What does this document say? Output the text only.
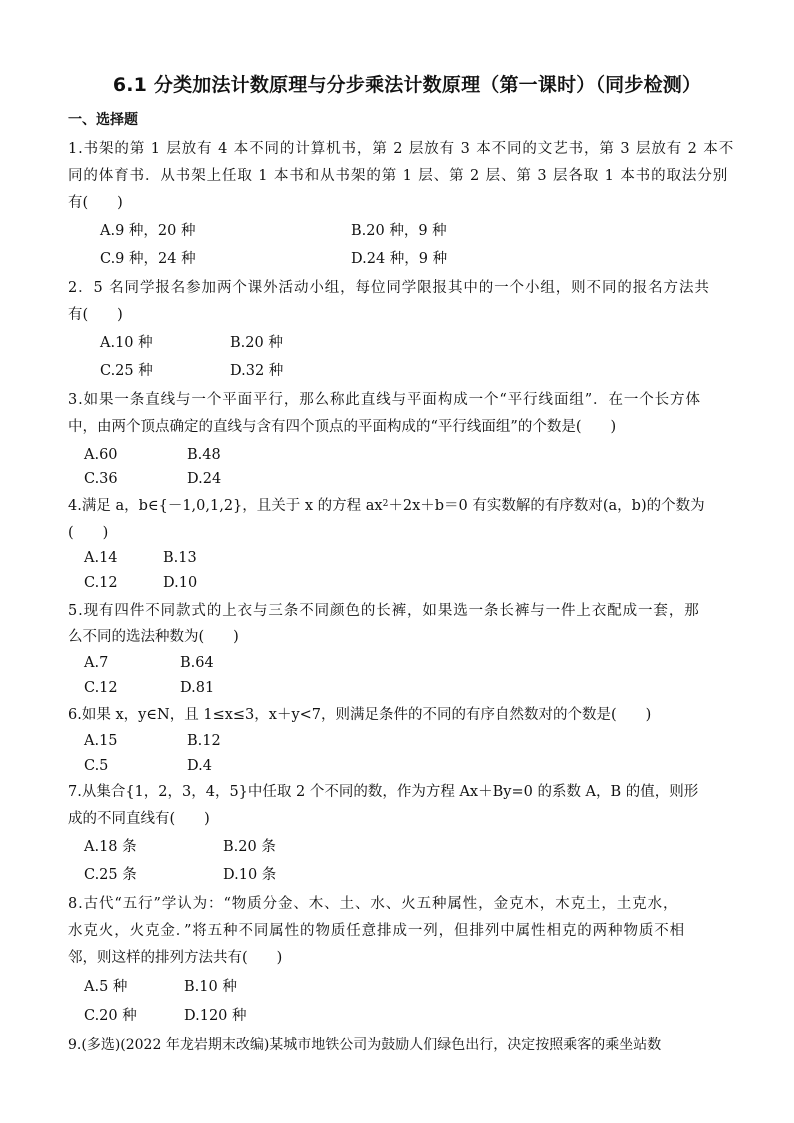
6.1 分类加法计数原理与分步乘法计数原理（第一课时）（同步检测）
一、选择题
1.书架的第 1 层放有 4 本不同的计算机书，第 2 层放有 3 本不同的文艺书，第 3 层放有 2 本不
同的体育书．从书架上任取 1 本书和从书架的第 1 层、第 2 层、第 3 层各取 1 本书的取法分别
有(　　)
A.9 种，20 种	B.20 种，9 种
C.9 种，24 种	D.24 种，9 种
2．5 名同学报名参加两个课外活动小组，每位同学限报其中的一个小组，则不同的报名方法共
有(　　)
A.10 种	B.20 种
C.25 种	D.32 种
3.如果一条直线与一个平面平行，那么称此直线与平面构成一个“平行线面组”．在一个长方体
中，由两个顶点确定的直线与含有四个顶点的平面构成的“平行线面组”的个数是(　　)
A.60	B.48
C.36	D.24
4.满足 a，b∈{－1,0,1,2}，且关于 x 的方程 $ax^2+2x+b=0$ 有实数解的有序数对(a，b)的个数为
(　　)
A.14	B.13
C.12	D.10
5.现有四件不同款式的上衣与三条不同颜色的长裤，如果选一条长裤与一件上衣配成一套，那
么不同的选法种数为(　　)
A.7	B.64
C.12	D.81
6.如果 x，y∈N，且 1≤x≤3，x＋y<7，则满足条件的不同的有序自然数对的个数是(　　)
A.15	B.12
C.5	D.4
7.从集合{1，2，3，4，5}中任取 2 个不同的数，作为方程 Ax＋By=0 的系数 A，B 的值，则形
成的不同直线有(　　)
A.18 条	B.20 条
C.25 条	D.10 条
8.古代“五行”学认为：“物质分金、木、土、水、火五种属性，金克木，木克土，土克水，
水克火，火克金．”将五种不同属性的物质任意排成一列，但排列中属性相克的两种物质不相
邻，则这样的排列方法共有(　　)
A.5 种	B.10 种
C.20 种	D.120 种
9.(多选)(2022 年龙岩期末改编)某城市地铁公司为鼓励人们绿色出行，决定按照乘客的乘坐站数
